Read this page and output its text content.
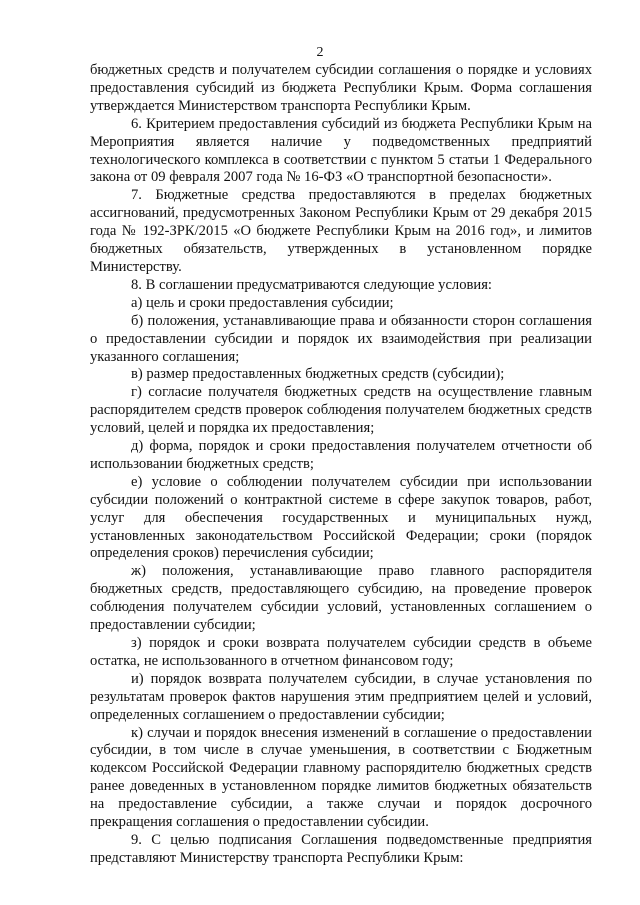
2

бюджетных средств и получателем субсидии соглашения о порядке и условиях предоставления субсидий из бюджета Республики Крым. Форма соглашения утверждается Министерством транспорта Республики Крым.

6. Критерием предоставления субсидий из бюджета Республики Крым на Мероприятия является наличие у подведомственных предприятий технологического комплекса в соответствии с пунктом 5 статьи 1 Федерального закона от 09 февраля 2007 года № 16-ФЗ «О транспортной безопасности».

7. Бюджетные средства предоставляются в пределах бюджетных ассигнований, предусмотренных Законом Республики Крым от 29 декабря 2015 года № 192-ЗРК/2015 «О бюджете Республики Крым на 2016 год», и лимитов бюджетных обязательств, утвержденных в установленном порядке Министерству.

8. В соглашении предусматриваются следующие условия:

а) цель и сроки предоставления субсидии;

б) положения, устанавливающие права и обязанности сторон соглашения о предоставлении субсидии и порядок их взаимодействия при реализации указанного соглашения;

в) размер предоставленных бюджетных средств (субсидии);

г) согласие получателя бюджетных средств на осуществление главным распорядителем средств проверок соблюдения получателем бюджетных средств условий, целей и порядка их предоставления;

д) форма, порядок и сроки предоставления получателем отчетности об использовании бюджетных средств;

е) условие о соблюдении получателем субсидии при использовании субсидии положений о контрактной системе в сфере закупок товаров, работ, услуг для обеспечения государственных и муниципальных нужд, установленных законодательством Российской Федерации; сроки (порядок определения сроков) перечисления субсидии;

ж) положения, устанавливающие право главного распорядителя бюджетных средств, предоставляющего субсидию, на проведение проверок соблюдения получателем субсидии условий, установленных соглашением о предоставлении субсидии;

з) порядок и сроки возврата получателем субсидии средств в объеме остатка, не использованного в отчетном финансовом году;

и) порядок возврата получателем субсидии, в случае установления по результатам проверок фактов нарушения этим предприятием целей и условий, определенных соглашением о предоставлении субсидии;

к) случаи и порядок внесения изменений в соглашение о предоставлении субсидии, в том числе в случае уменьшения, в соответствии с Бюджетным кодексом Российской Федерации главному распорядителю бюджетных средств ранее доведенных в установленном порядке лимитов бюджетных обязательств на предоставление субсидии, а также случаи и порядок досрочного прекращения соглашения о предоставлении субсидии.

9. С целью подписания Соглашения подведомственные предприятия представляют Министерству транспорта Республики Крым:
